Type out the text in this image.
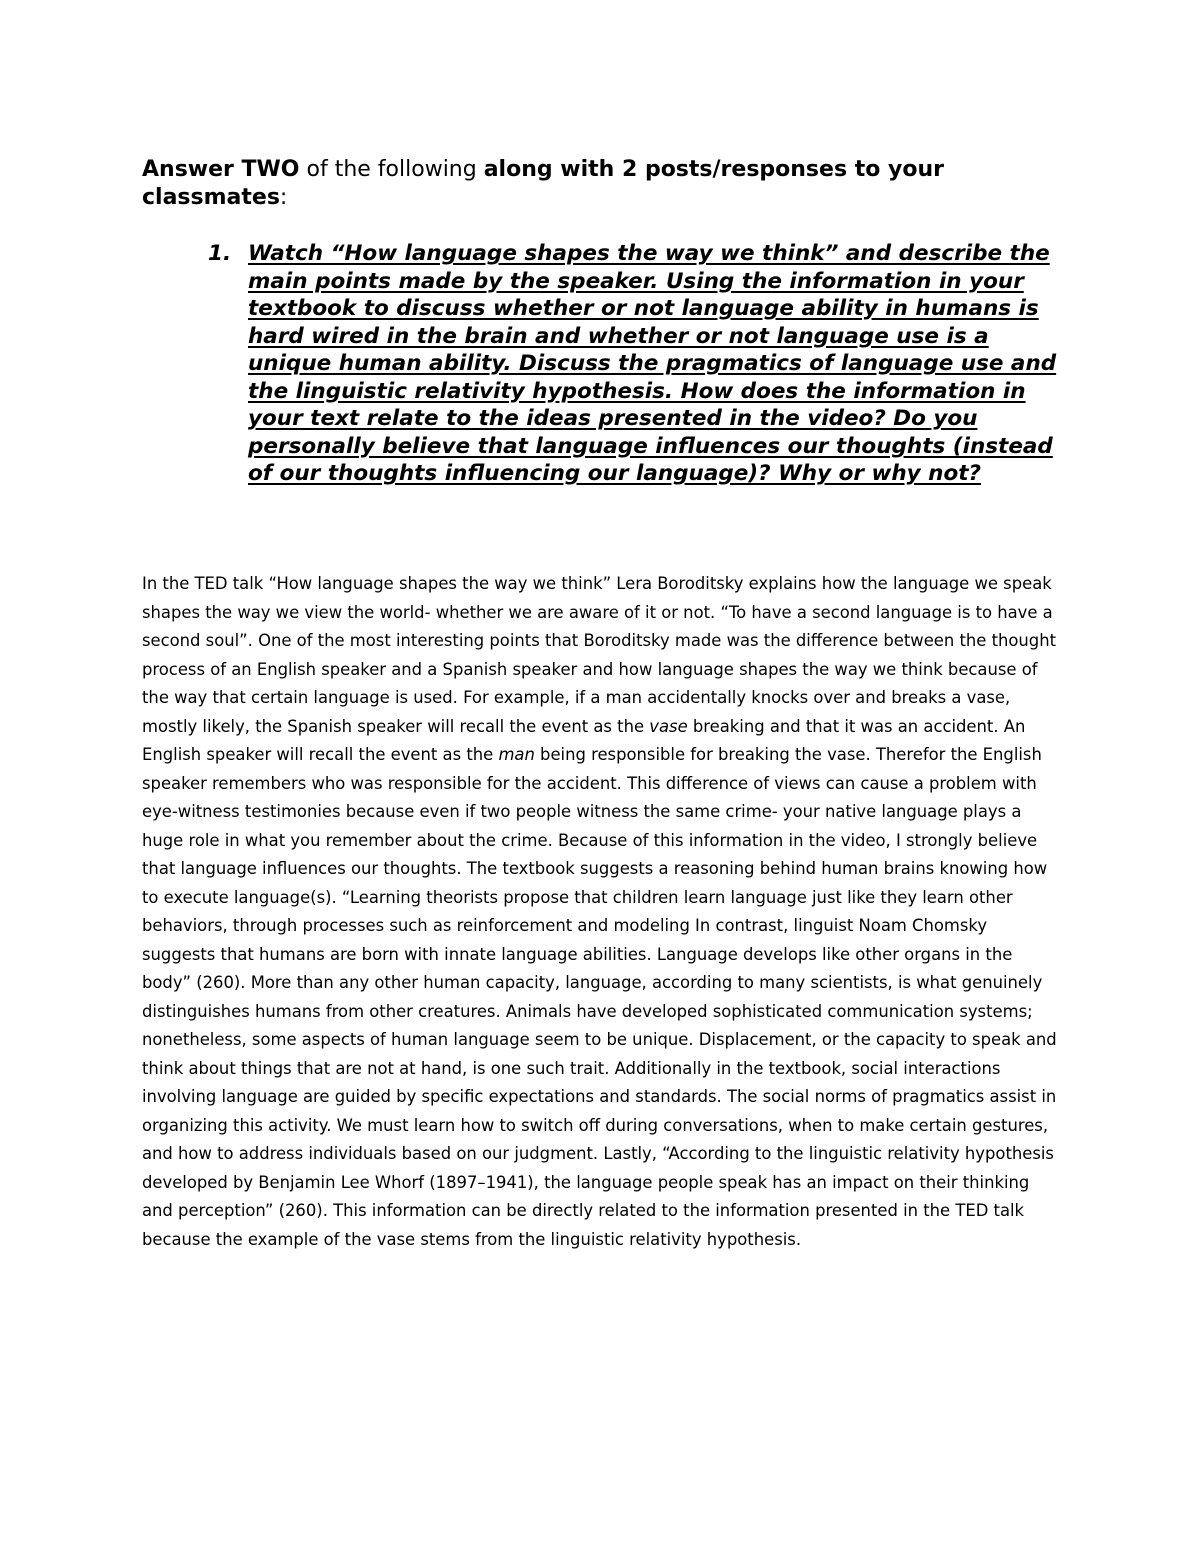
Answer TWO of the following along with 2 posts/responses to your classmates:

1. Watch “How language shapes the way we think” and describe the main points made by the speaker. Using the information in your textbook to discuss whether or not language ability in humans is hard wired in the brain and whether or not language use is a unique human ability. Discuss the pragmatics of language use and the linguistic relativity hypothesis. How does the information in your text relate to the ideas presented in the video? Do you personally believe that language influences our thoughts (instead of our thoughts influencing our language)? Why or why not?

In the TED talk “How language shapes the way we think” Lera Boroditsky explains how the language we speak shapes the way we view the world- whether we are aware of it or not. “To have a second language is to have a second soul”. One of the most interesting points that Boroditsky made was the difference between the thought process of an English speaker and a Spanish speaker and how language shapes the way we think because of the way that certain language is used. For example, if a man accidentally knocks over and breaks a vase, mostly likely, the Spanish speaker will recall the event as the vase breaking and that it was an accident. An English speaker will recall the event as the man being responsible for breaking the vase. Therefor the English speaker remembers who was responsible for the accident. This difference of views can cause a problem with eye-witness testimonies because even if two people witness the same crime- your native language plays a huge role in what you remember about the crime. Because of this information in the video, I strongly believe that language influences our thoughts. The textbook suggests a reasoning behind human brains knowing how to execute language(s). “Learning theorists propose that children learn language just like they learn other behaviors, through processes such as reinforcement and modeling In contrast, linguist Noam Chomsky suggests that humans are born with innate language abilities. Language develops like other organs in the body” (260). More than any other human capacity, language, according to many scientists, is what genuinely distinguishes humans from other creatures. Animals have developed sophisticated communication systems; nonetheless, some aspects of human language seem to be unique. Displacement, or the capacity to speak and think about things that are not at hand, is one such trait. Additionally in the textbook, social interactions involving language are guided by specific expectations and standards. The social norms of pragmatics assist in organizing this activity. We must learn how to switch off during conversations, when to make certain gestures, and how to address individuals based on our judgment. Lastly, “According to the linguistic relativity hypothesis developed by Benjamin Lee Whorf (1897–1941), the language people speak has an impact on their thinking and perception” (260). This information can be directly related to the information presented in the TED talk because the example of the vase stems from the linguistic relativity hypothesis.
